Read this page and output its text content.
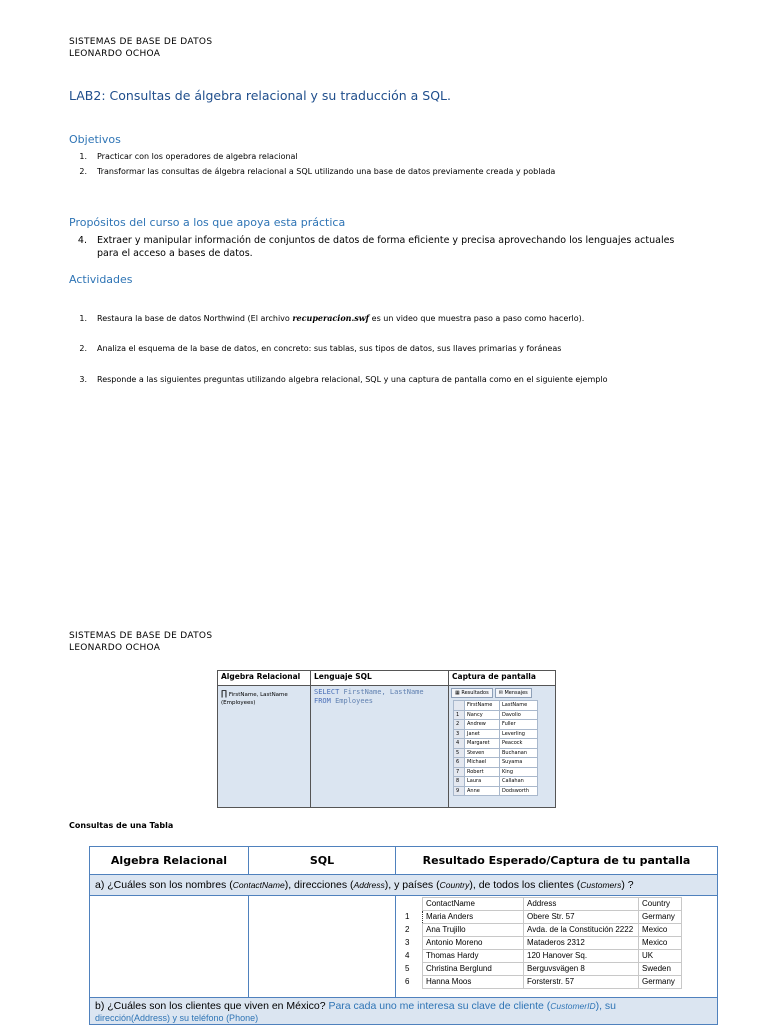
SISTEMAS DE BASE DE DATOS
LEONARDO OCHOA
LAB2: Consultas de álgebra relacional y su traducción a SQL.
Objetivos
1. Practicar con los operadores de algebra relacional
2. Transformar las consultas de álgebra relacional a SQL utilizando una base de datos previamente creada y poblada
Propósitos del curso a los que apoya esta práctica
4. Extraer y manipular información de conjuntos de datos de forma eficiente y precisa aprovechando los lenguajes actuales
para el acceso a bases de datos.
Actividades
1. Restaura la base de datos Northwind (El archivo recuperacion.swf es un video que muestra paso a paso como hacerlo).
2. Analiza el esquema de la base de datos, en concreto: sus tablas, sus tipos de datos, sus llaves primarias y foráneas
3. Responde a las siguientes preguntas utilizando algebra relacional, SQL y una captura de pantalla como en el siguiente ejemplo
SISTEMAS DE BASE DE DATOS
LEONARDO OCHOA
Algebra Relacional	Lenguaje SQL	Captura de pantalla

∏ FirstName, LastName
(Employees)

SELECT FirstName, LastName
FROM Employees

▦ Resultados	✉ Mensajes
	FirstName	LastName
1	Nancy	Davolio
2	Andrew	Fuller
3	Janet	Leverling
4	Margaret	Peacock
5	Steven	Buchanan
6	Michael	Suyama
7	Robert	King
8	Laura	Callahan
9	Anne	Dodsworth
Consultas de una Tabla
Algebra Relacional	SQL	Resultado Esperado/Captura de tu pantalla
a) ¿Cuáles son los nombres (ContactName), direcciones (Address), y países (Country), de todos los clientes (Customers) ?

	ContactName	Address	Country
1	Maria Anders	Obere Str. 57	Germany
2	Ana Trujillo	Avda. de la Constitución 2222	Mexico
3	Antonio Moreno	Mataderos 2312	Mexico
4	Thomas Hardy	120 Hanover Sq.	UK
5	Christina Berglund	Berguvsvägen 8	Sweden
6	Hanna Moos	Forsterstr. 57	Germany

b) ¿Cuáles son los clientes que viven en México? Para cada uno me interesa su clave de cliente (CustomerID), su
dirección(Address) y su teléfono (Phone)
